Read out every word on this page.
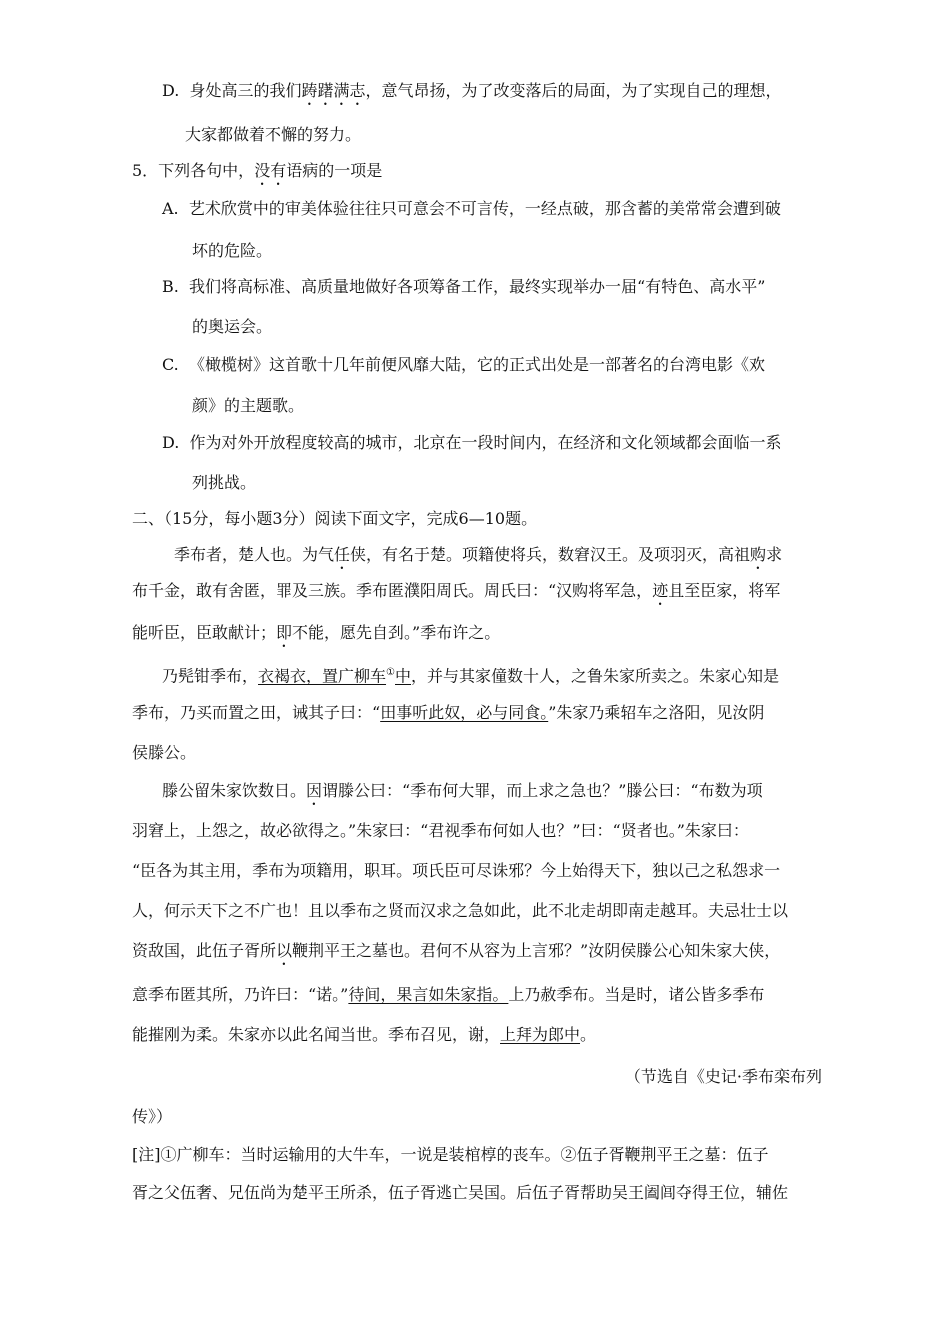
D. 身处高三的我们踌躇满志，意气昂扬，为了改变落后的局面，为了实现自己的理想，
大家都做着不懈的努力。
5．下列各句中，没有语病的一项是
A. 艺术欣赏中的审美体验往往只可意会不可言传，一经点破，那含蓄的美常常会遭到破
坏的危险。
B. 我们将高标准、高质量地做好各项筹备工作，最终实现举办一届“有特色、高水平”
的奥运会。
C. 《橄榄树》这首歌十几年前便风靡大陆，它的正式出处是一部著名的台湾电影《欢
颜》的主题歌。
D. 作为对外开放程度较高的城市，北京在一段时间内，在经济和文化领域都会面临一系
列挑战。
二、（15分，每小题3分）阅读下面文字，完成6—10题。
季布者，楚人也。为气任侠，有名于楚。项籍使将兵，数窘汉王。及项羽灭，高祖购求
布千金，敢有舍匿，罪及三族。季布匿濮阳周氏。周氏曰：“汉购将军急，迹且至臣家，将军
能听臣，臣敢献计；即不能，愿先自刭。”季布许之。
乃髡钳季布，衣褐衣，置广柳车①中，并与其家僮数十人，之鲁朱家所卖之。朱家心知是
季布，乃买而置之田，诫其子曰：“田事听此奴，必与同食。”朱家乃乘轺车之洛阳，见汝阴
侯滕公。
滕公留朱家饮数日。因谓滕公曰：“季布何大罪，而上求之急也？”滕公曰：“布数为项
羽窘上，上怨之，故必欲得之。”朱家曰：“君视季布何如人也？”曰：“贤者也。”朱家曰：
“臣各为其主用，季布为项籍用，职耳。项氏臣可尽诛邪？今上始得天下，独以己之私怨求一
人，何示天下之不广也！且以季布之贤而汉求之急如此，此不北走胡即南走越耳。夫忌壮士以
资敌国，此伍子胥所以鞭荆平王之墓也。君何不从容为上言邪？”汝阴侯滕公心知朱家大侠，
意季布匿其所，乃许曰：“诺。”待间，果言如朱家指。上乃赦季布。当是时，诸公皆多季布
能摧刚为柔。朱家亦以此名闻当世。季布召见，谢，上拜为郎中。
（节选自《史记·季布栾布列
传》）
[注]①广柳车：当时运输用的大牛车，一说是装棺椁的丧车。②伍子胥鞭荆平王之墓：伍子
胥之父伍奢、兄伍尚为楚平王所杀，伍子胥逃亡吴国。后伍子胥帮助吴王阖闾夺得王位，辅佐
